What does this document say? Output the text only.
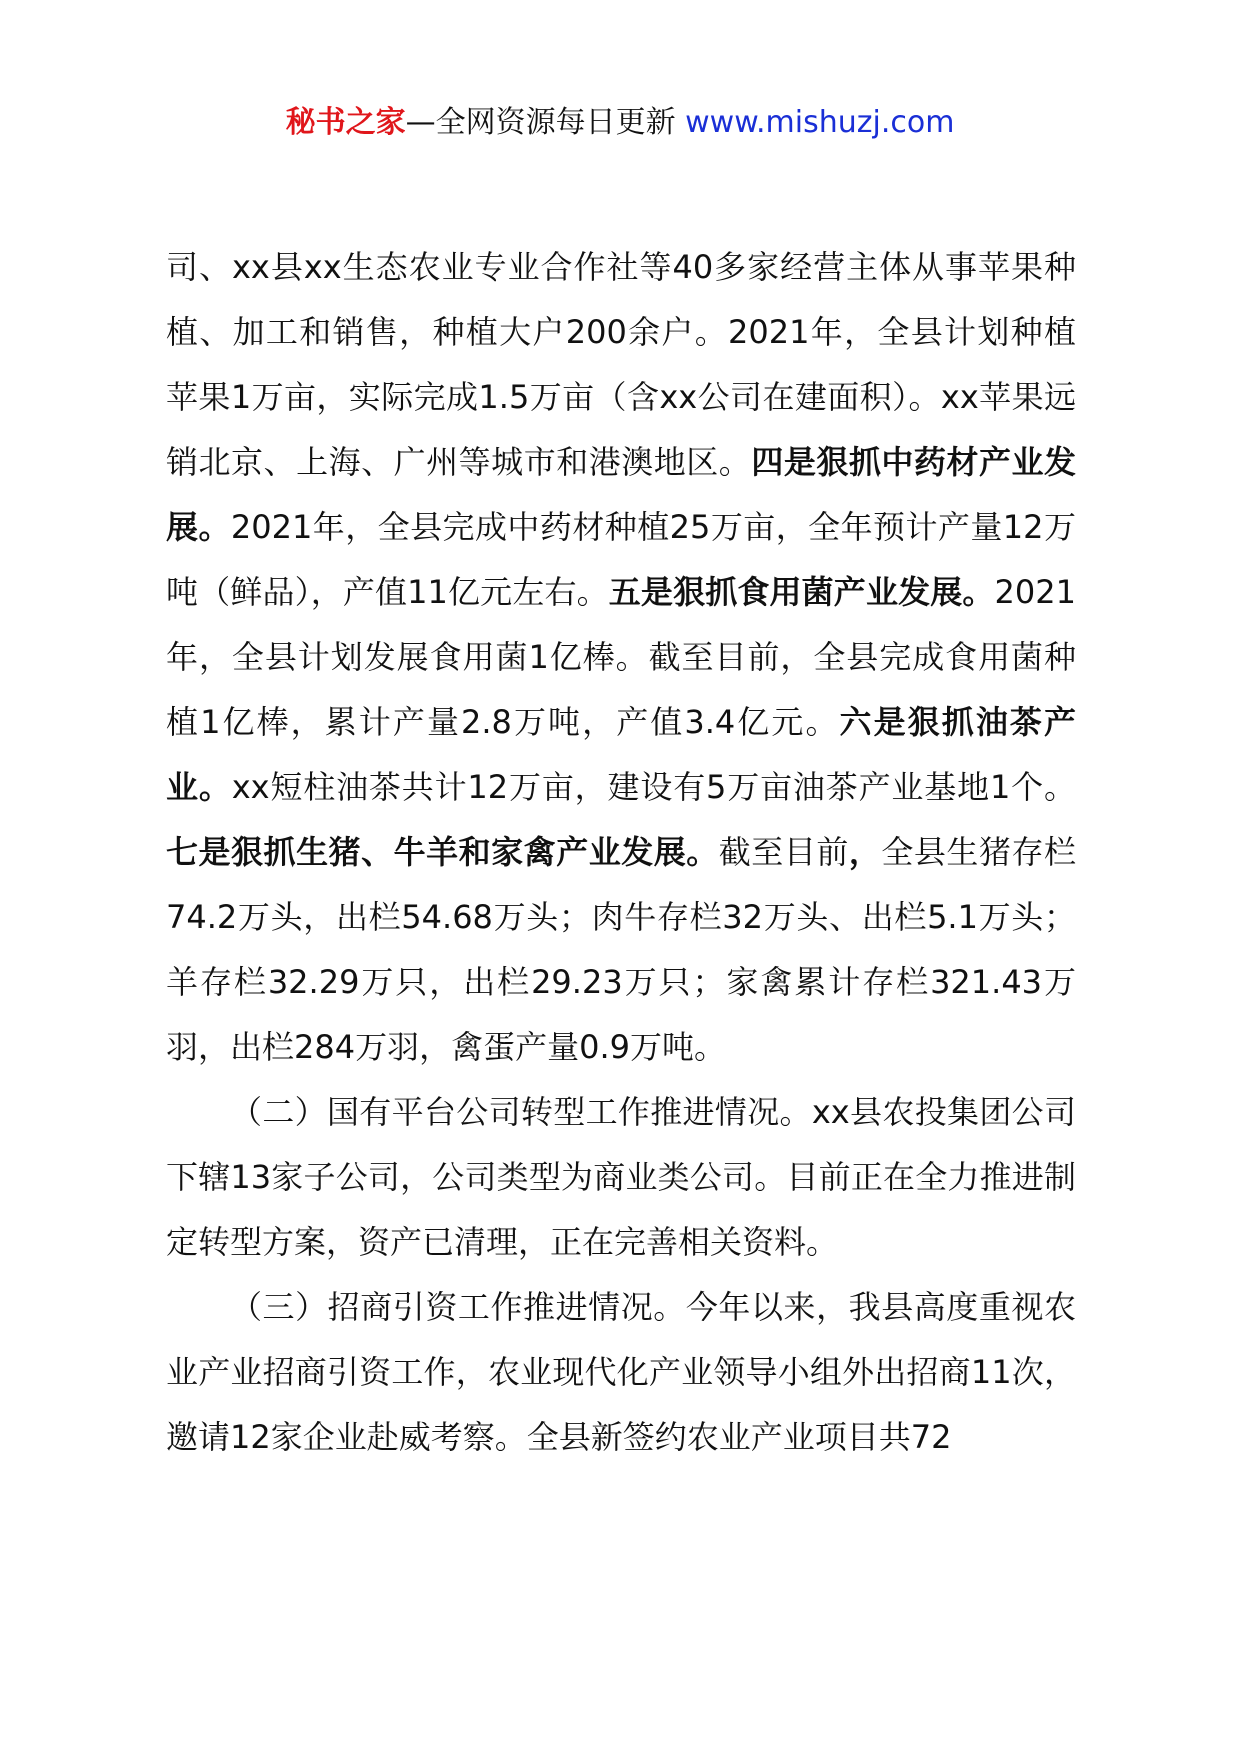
秘书之家—全网资源每日更新 www.mishuzj.com

司、xx县xx生态农业专业合作社等40多家经营主体从事苹果种植、加工和销售，种植大户200余户。2021年，全县计划种植苹果1万亩，实际完成1.5万亩（含xx公司在建面积）。xx苹果远销北京、上海、广州等城市和港澳地区。四是狠抓中药材产业发展。2021年，全县完成中药材种植25万亩，全年预计产量12万吨（鲜品），产值11亿元左右。五是狠抓食用菌产业发展。2021年，全县计划发展食用菌1亿棒。截至目前，全县完成食用菌种植1亿棒，累计产量2.8万吨，产值3.4亿元。六是狠抓油茶产业。xx短柱油茶共计12万亩，建设有5万亩油茶产业基地1个。七是狠抓生猪、牛羊和家禽产业发展。截至目前，全县生猪存栏74.2万头，出栏54.68万头；肉牛存栏32万头、出栏5.1万头；羊存栏32.29万只，出栏29.23万只；家禽累计存栏321.43万羽，出栏284万羽，禽蛋产量0.9万吨。

（二）国有平台公司转型工作推进情况。xx县农投集团公司下辖13家子公司，公司类型为商业类公司。目前正在全力推进制定转型方案，资产已清理，正在完善相关资料。

（三）招商引资工作推进情况。今年以来，我县高度重视农业产业招商引资工作，农业现代化产业领导小组外出招商11次，邀请12家企业赴威考察。全县新签约农业产业项目共72
